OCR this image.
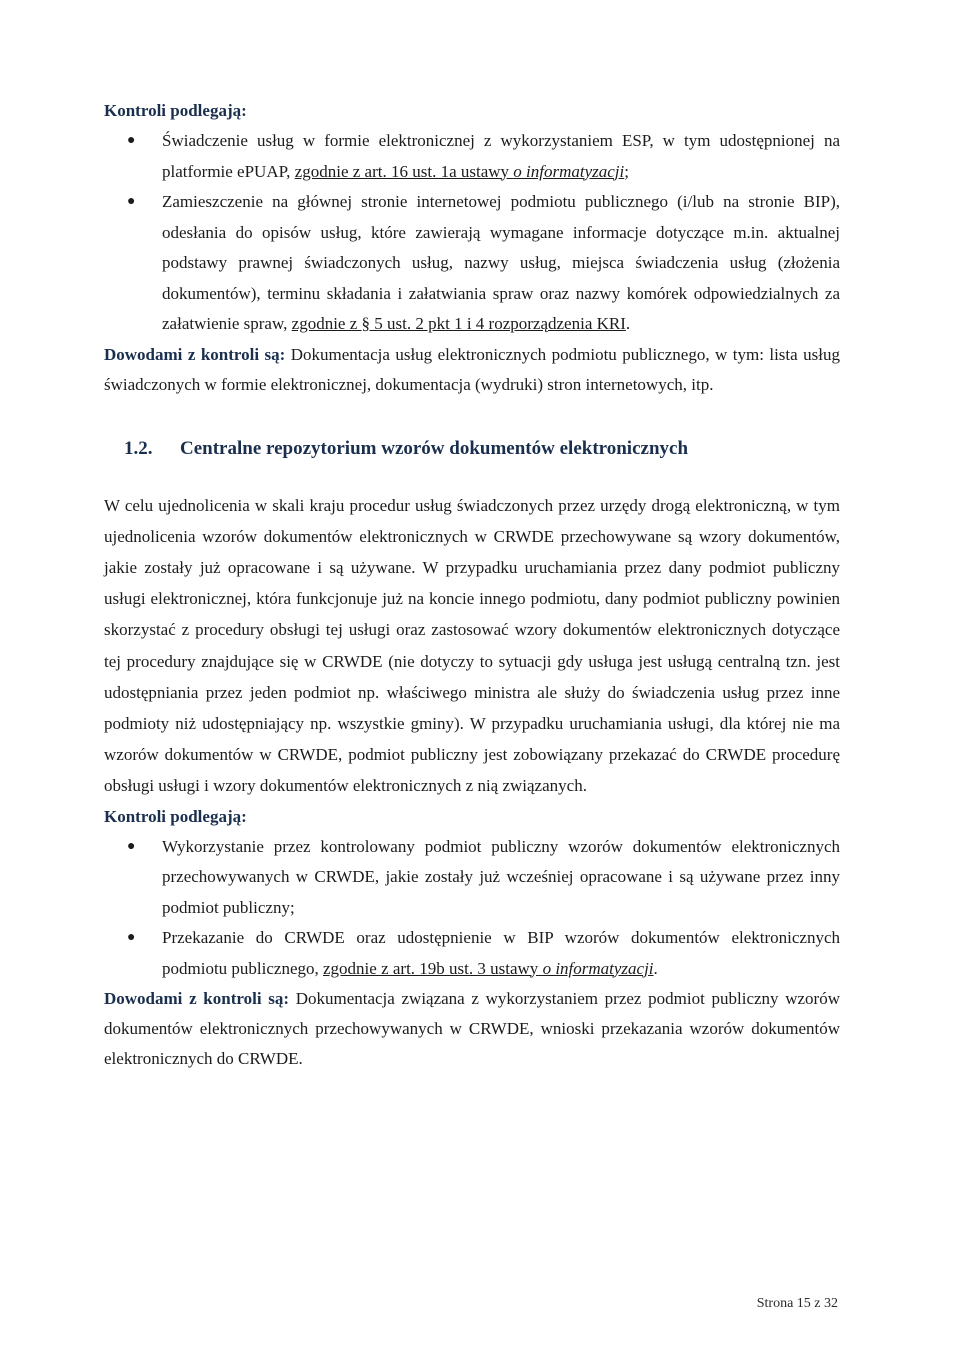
Kontroli podlegają:

● Świadczenie usług w formie elektronicznej z wykorzystaniem ESP, w tym udostępnionej na platformie ePUAP, zgodnie z art. 16 ust. 1a ustawy o informatyzacji;
● Zamieszczenie na głównej stronie internetowej podmiotu publicznego (i/lub na stronie BIP), odesłania do opisów usług, które zawierają wymagane informacje dotyczące m.in. aktualnej podstawy prawnej świadczonych usług, nazwy usług, miejsca świadczenia usług (złożenia dokumentów), terminu składania i załatwiania spraw oraz nazwy komórek odpowiedzialnych za załatwienie spraw, zgodnie z § 5 ust. 2 pkt 1 i 4 rozporządzenia KRI.

Dowodami z kontroli są: Dokumentacja usług elektronicznych podmiotu publicznego, w tym: lista usług świadczonych w formie elektronicznej, dokumentacja (wydruki) stron internetowych, itp.

1.2. Centralne repozytorium wzorów dokumentów elektronicznych

W celu ujednolicenia w skali kraju procedur usług świadczonych przez urzędy drogą elektroniczną, w tym ujednolicenia wzorów dokumentów elektronicznych w CRWDE przechowywane są wzory dokumentów, jakie zostały już opracowane i są używane. W przypadku uruchamiania przez dany podmiot publiczny usługi elektronicznej, która funkcjonuje już na koncie innego podmiotu, dany podmiot publiczny powinien skorzystać z procedury obsługi tej usługi oraz zastosować wzory dokumentów elektronicznych dotyczące tej procedury znajdujące się w CRWDE (nie dotyczy to sytuacji gdy usługa jest usługą centralną tzn. jest udostępniania przez jeden podmiot np. właściwego ministra ale służy do świadczenia usług przez inne podmioty niż udostępniający np. wszystkie gminy). W przypadku uruchamiania usługi, dla której nie ma wzorów dokumentów w CRWDE, podmiot publiczny jest zobowiązany przekazać do CRWDE procedurę obsługi usługi i wzory dokumentów elektronicznych z nią związanych.

Kontroli podlegają:

● Wykorzystanie przez kontrolowany podmiot publiczny wzorów dokumentów elektronicznych przechowywanych w CRWDE, jakie zostały już wcześniej opracowane i są używane przez inny podmiot publiczny;
● Przekazanie do CRWDE oraz udostępnienie w BIP wzorów dokumentów elektronicznych podmiotu publicznego, zgodnie z art. 19b ust. 3 ustawy o informatyzacji.

Dowodami z kontroli są: Dokumentacja związana z wykorzystaniem przez podmiot publiczny wzorów dokumentów elektronicznych przechowywanych w CRWDE, wnioski przekazania wzorów dokumentów elektronicznych do CRWDE.

Strona 15 z 32
